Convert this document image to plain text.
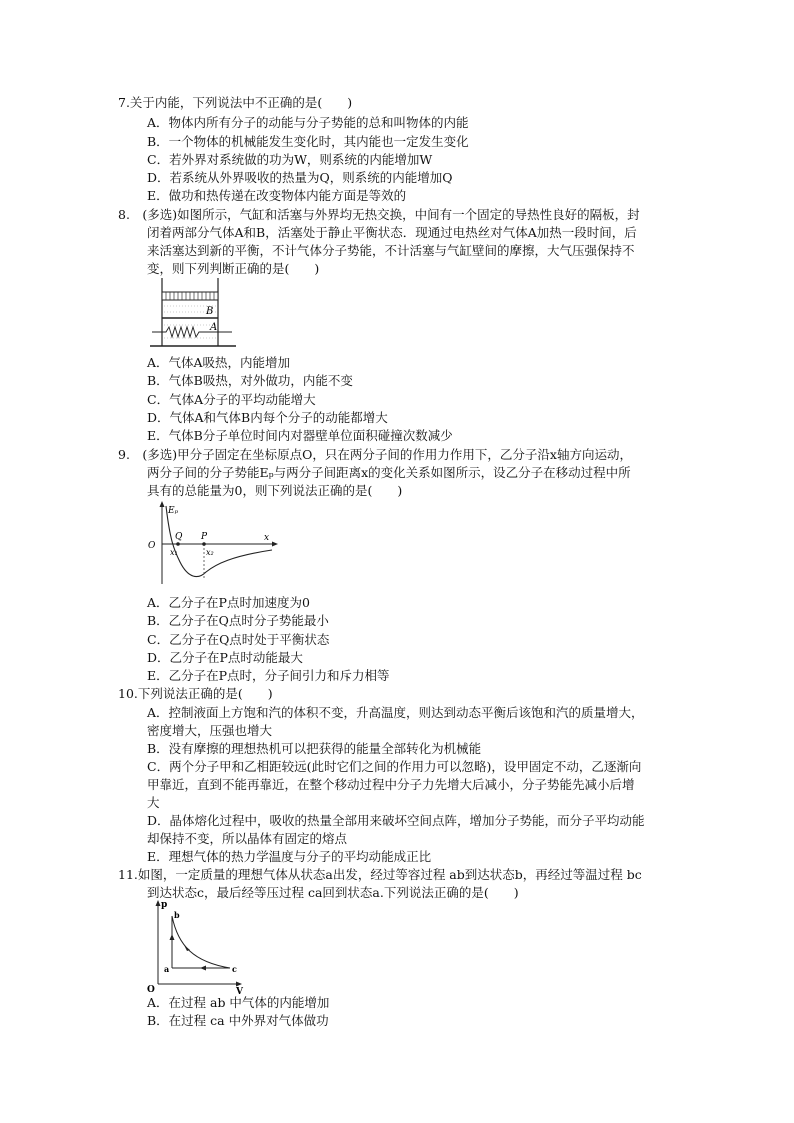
7.关于内能，下列说法中不正确的是(　　)
A．物体内所有分子的动能与分子势能的总和叫物体的内能
B．一个物体的机械能发生变化时，其内能也一定发生变化
C．若外界对系统做的功为W，则系统的内能增加W
D．若系统从外界吸收的热量为Q，则系统的内能增加Q
E．做功和热传递在改变物体内能方面是等效的
8.　(多选)如图所示，气缸和活塞与外界均无热交换，中间有一个固定的导热性良好的隔板，封
闭着两部分气体A和B，活塞处于静止平衡状态．现通过电热丝对气体A加热一段时间，后
来活塞达到新的平衡，不计气体分子势能，不计活塞与气缸壁间的摩擦，大气压强保持不
变，则下列判断正确的是(　　)
B
A
A．气体A吸热，内能增加
B．气体B吸热，对外做功，内能不变
C．气体A分子的平均动能增大
D．气体A和气体B内每个分子的动能都增大
E．气体B分子单位时间内对器壁单位面积碰撞次数减少
9.　(多选)甲分子固定在坐标原点O，只在两分子间的作用力作用下，乙分子沿x轴方向运动，
两分子间的分子势能Eₚ与两分子间距离x的变化关系如图所示，设乙分子在移动过程中所
具有的总能量为0，则下列说法正确的是(　　)
Eₚ
O
x
Q P
x₁	x₂
A．乙分子在P点时加速度为0
B．乙分子在Q点时分子势能最小
C．乙分子在Q点时处于平衡状态
D．乙分子在P点时动能最大
E．乙分子在P点时，分子间引力和斥力相等
10.下列说法正确的是(　　)
A．控制液面上方饱和汽的体积不变，升高温度，则达到动态平衡后该饱和汽的质量增大，
密度增大，压强也增大
B．没有摩擦的理想热机可以把获得的能量全部转化为机械能
C．两个分子甲和乙相距较远(此时它们之间的作用力可以忽略)，设甲固定不动，乙逐渐向
甲靠近，直到不能再靠近，在整个移动过程中分子力先增大后减小，分子势能先减小后增
大
D．晶体熔化过程中，吸收的热量全部用来破坏空间点阵，增加分子势能，而分子平均动能
却保持不变，所以晶体有固定的熔点
E．理想气体的热力学温度与分子的平均动能成正比
11.如图，一定质量的理想气体从状态a出发，经过等容过程 ab到达状态b，再经过等温过程 bc
到达状态c，最后经等压过程 ca回到状态a.下列说法正确的是(　　)
p
V
O
a
b
c
A．在过程 ab 中气体的内能增加
B．在过程 ca 中外界对气体做功
